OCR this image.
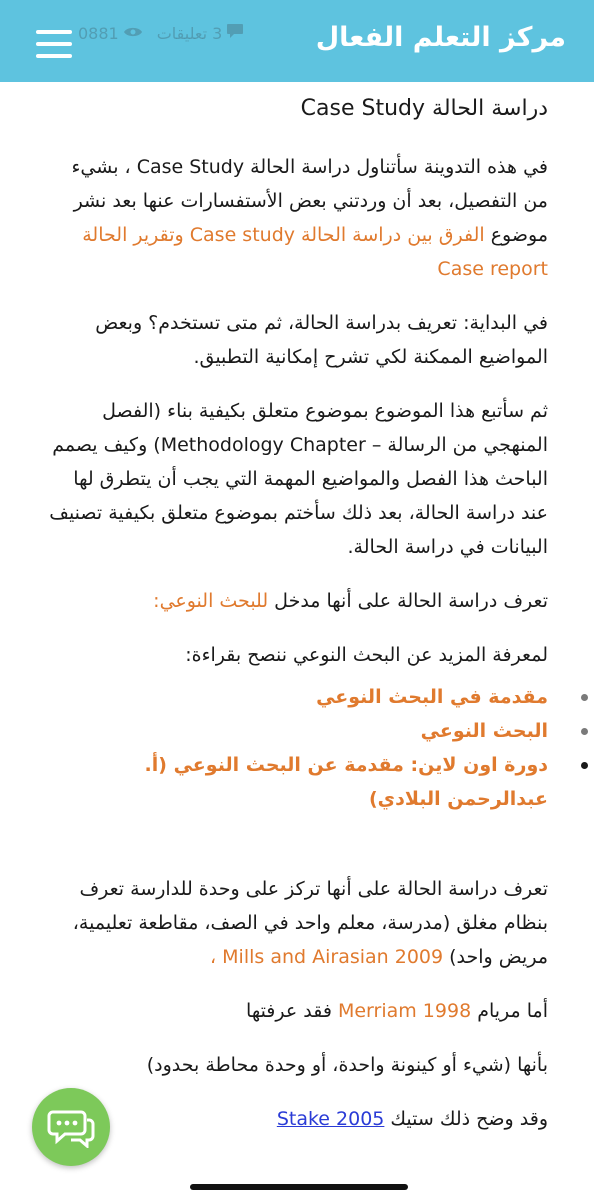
3 تعليقات
0881	مركز التعلم الفعال
دراسة الحالة Case Study

في هذه التدوينة سأتناول دراسة الحالة Case Study ، بشيء من التفصيل، بعد أن وردتني بعض الأستفسارات عنها بعد نشر موضوع الفرق بين دراسة الحالة Case study وتقرير الحالة Case report

في البداية: تعريف بدراسة الحالة، ثم متى تستخدم؟ وبعض المواضيع الممكنة لكي تشرح إمكانية التطبيق.

ثم سأتبع هذا الموضوع بموضوع متعلق بكيفية بناء (الفصل المنهجي من الرسالة – Methodology Chapter) وكيف يصمم الباحث هذا الفصل والمواضيع المهمة التي يجب أن يتطرق لها عند دراسة الحالة، بعد ذلك سأختم بموضوع متعلق بكيفية تصنيف البيانات في دراسة الحالة.

تعرف دراسة الحالة على أنها مدخل للبحث النوعي:

لمعرفة المزيد عن البحث النوعي ننصح بقراءة:

مقدمة في البحث النوعي
البحث النوعي
دورة اون لاين: مقدمة عن البحث النوعي (أ. عبدالرحمن البلادي)

تعرف دراسة الحالة على أنها تركز على وحدة للدارسة تعرف بنظام مغلق (مدرسة، معلم واحد في الصف، مقاطعة تعليمية، مريض واحد) Mills and Airasian 2009 ،

أما مريام Merriam 1998 فقد عرفتها

بأنها (شيء أو كينونة واحدة، أو وحدة محاطة بحدود)

وقد وضح ذلك ستيك Stake 2005
